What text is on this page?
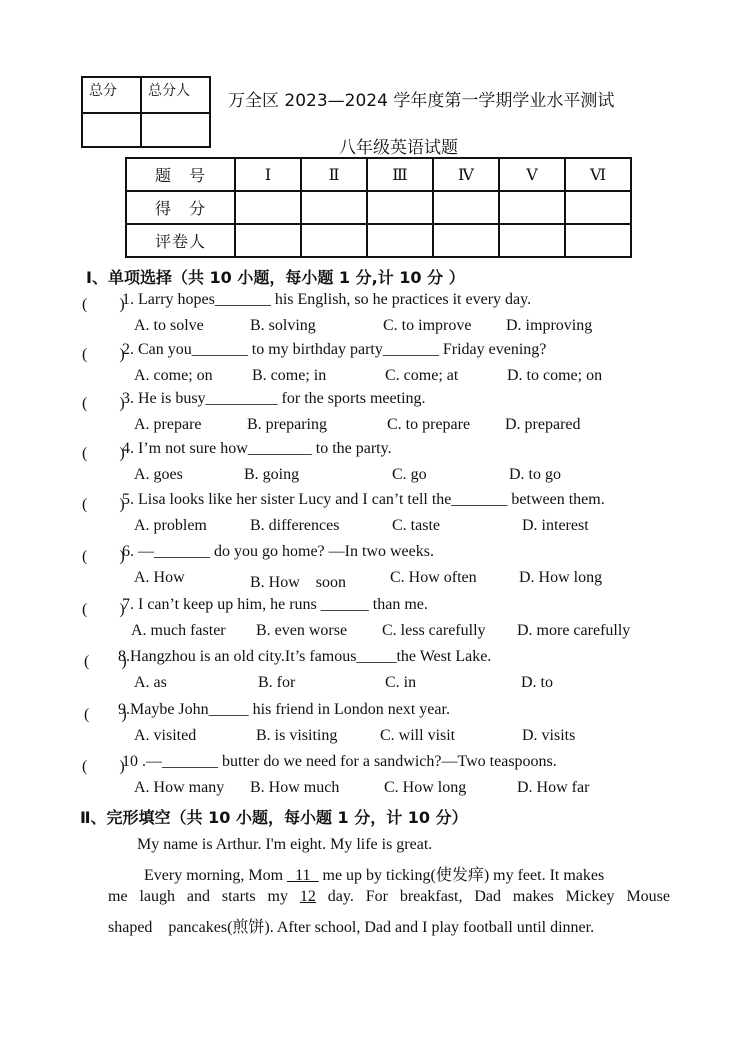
总分	总分人
	万全区 2023—2024 学年度第一学期学业水平测试
八年级英语试题
题　号	Ⅰ	Ⅱ	Ⅲ	Ⅳ	Ⅴ	Ⅵ
得　分						
评卷人						
Ⅰ、单项选择（共 10 小题，每小题 1 分,计 10 分 ）
(　　)
1. Larry hopes_______ his English, so he practices it every day.
A. to solve	B. solving	C. to improve D. improving
(　　)
2. Can you_______ to my birthday party_______ Friday evening?
A. come; on B. come; in	C. come; at	D. to come; on
(　　)
3. He is busy_________ for the sports meeting.
A. prepare	B. preparing	C. to prepare D. prepared
(　　)
4. I’m not sure how________ to the party.
A. goes	B. going	C. go	D. to go
(　　)
5. Lisa looks like her sister Lucy and I can’t tell the_______ between them.
A. problem	B. differences	C. taste	D. interest
(　　)
6. —_______ do you go home? —In two weeks.
A. How	B. How　soon	C. How often	D. How long
(　　)
7. I can’t keep up him, he runs ______ than me.
A. much faster B. even worse C. less carefully D. more carefully
(　　)
8.Hangzhou is an old city.It’s famous_____the West Lake.
A. as	B. for	C. in	D. to
(　　)
9.Maybe John_____ his friend in London next year.
A. visited	B. is visiting	C. will visit	D. visits
(　　)
10 .—_______ butter do we need for a sandwich?—Two teaspoons.
A. How many B. How much	C. How long	D. How far
Ⅱ、完形填空（共 10 小题，每小题 1 分，计 10 分）
My name is Arthur. I'm eight. My life is great.
Every morning, Mom _11_ me up by ticking(使发痒) my feet. It makes
me laugh and starts my 12 day. For breakfast, Dad makes Mickey Mouse
shaped　pancakes(煎饼). After school, Dad and I play football until dinner.
